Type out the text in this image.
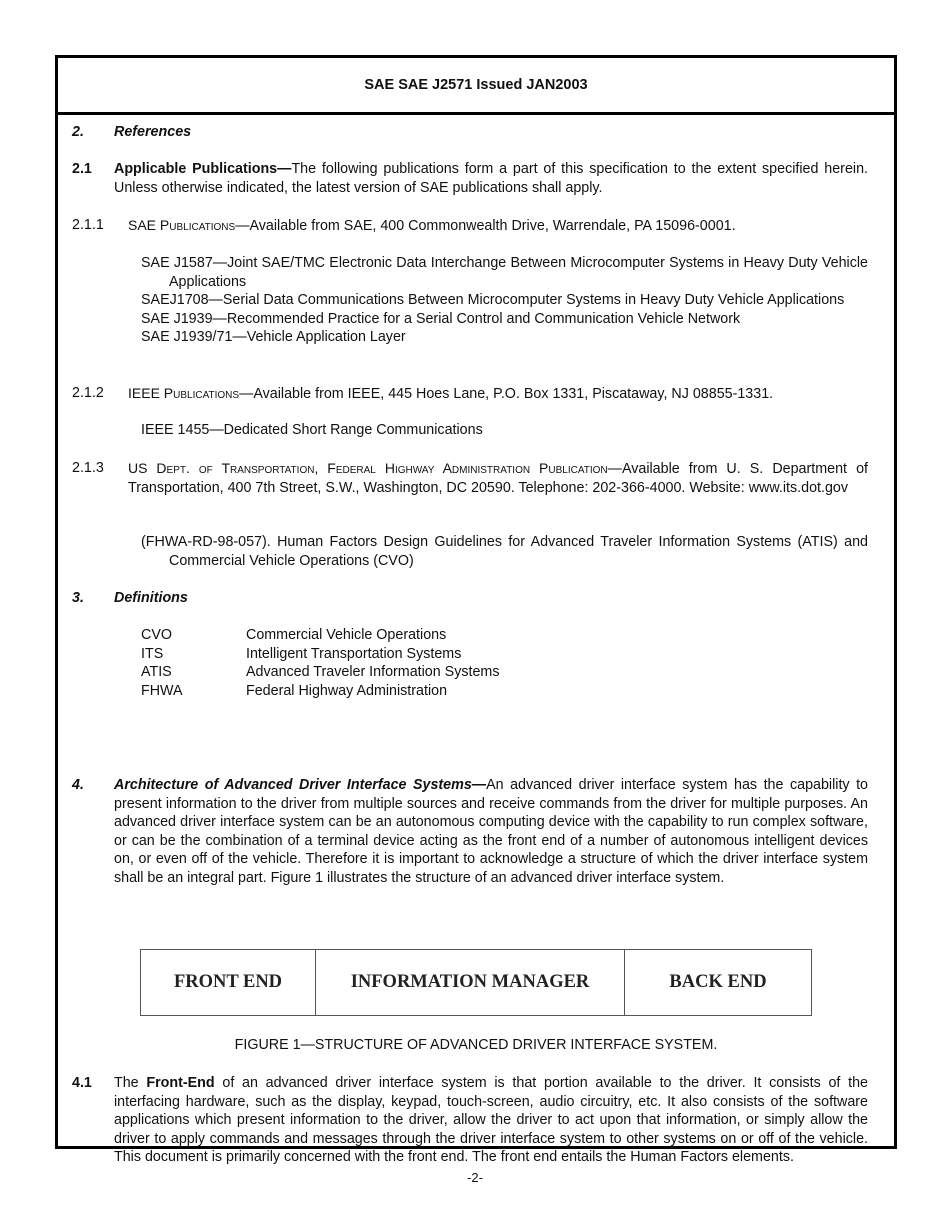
SAE SAE J2571 Issued JAN2003
2. References
2.1 Applicable Publications—The following publications form a part of this specification to the extent specified herein. Unless otherwise indicated, the latest version of SAE publications shall apply.
2.1.1 SAE Publications—Available from SAE, 400 Commonwealth Drive, Warrendale, PA 15096-0001.
SAE J1587—Joint SAE/TMC Electronic Data Interchange Between Microcomputer Systems in Heavy Duty Vehicle Applications
SAEJ1708—Serial Data Communications Between Microcomputer Systems in Heavy Duty Vehicle Applications
SAE J1939—Recommended Practice for a Serial Control and Communication Vehicle Network
SAE J1939/71—Vehicle Application Layer
2.1.2 IEEE Publications—Available from IEEE, 445 Hoes Lane, P.O. Box 1331, Piscataway, NJ 08855-1331.
IEEE 1455—Dedicated Short Range Communications
2.1.3 US Dept. of Transportation, Federal Highway Administration Publication—Available from U. S. Department of Transportation, 400 7th Street, S.W., Washington, DC 20590. Telephone: 202-366-4000. Website: www.its.dot.gov
(FHWA-RD-98-057). Human Factors Design Guidelines for Advanced Traveler Information Systems (ATIS) and Commercial Vehicle Operations (CVO)
3. Definitions
CVO	Commercial Vehicle Operations
ITS	Intelligent Transportation Systems
ATIS	Advanced Traveler Information Systems
FHWA	Federal Highway Administration
4. Architecture of Advanced Driver Interface Systems—An advanced driver interface system has the capability to present information to the driver from multiple sources and receive commands from the driver for multiple purposes. An advanced driver interface system can be an autonomous computing device with the capability to run complex software, or can be the combination of a terminal device acting as the front end of a number of autonomous intelligent devices on, or even off of the vehicle. Therefore it is important to acknowledge a structure of which the driver interface system shall be an integral part. Figure 1 illustrates the structure of an advanced driver interface system.
FRONT END	INFORMATION MANAGER	BACK END
FIGURE 1—STRUCTURE OF ADVANCED DRIVER INTERFACE SYSTEM.
4.1 The Front-End of an advanced driver interface system is that portion available to the driver. It consists of the interfacing hardware, such as the display, keypad, touch-screen, audio circuitry, etc. It also consists of the software applications which present information to the driver, allow the driver to act upon that information, or simply allow the driver to apply commands and messages through the driver interface system to other systems on or off of the vehicle. This document is primarily concerned with the front end. The front end entails the Human Factors elements.
-2-
